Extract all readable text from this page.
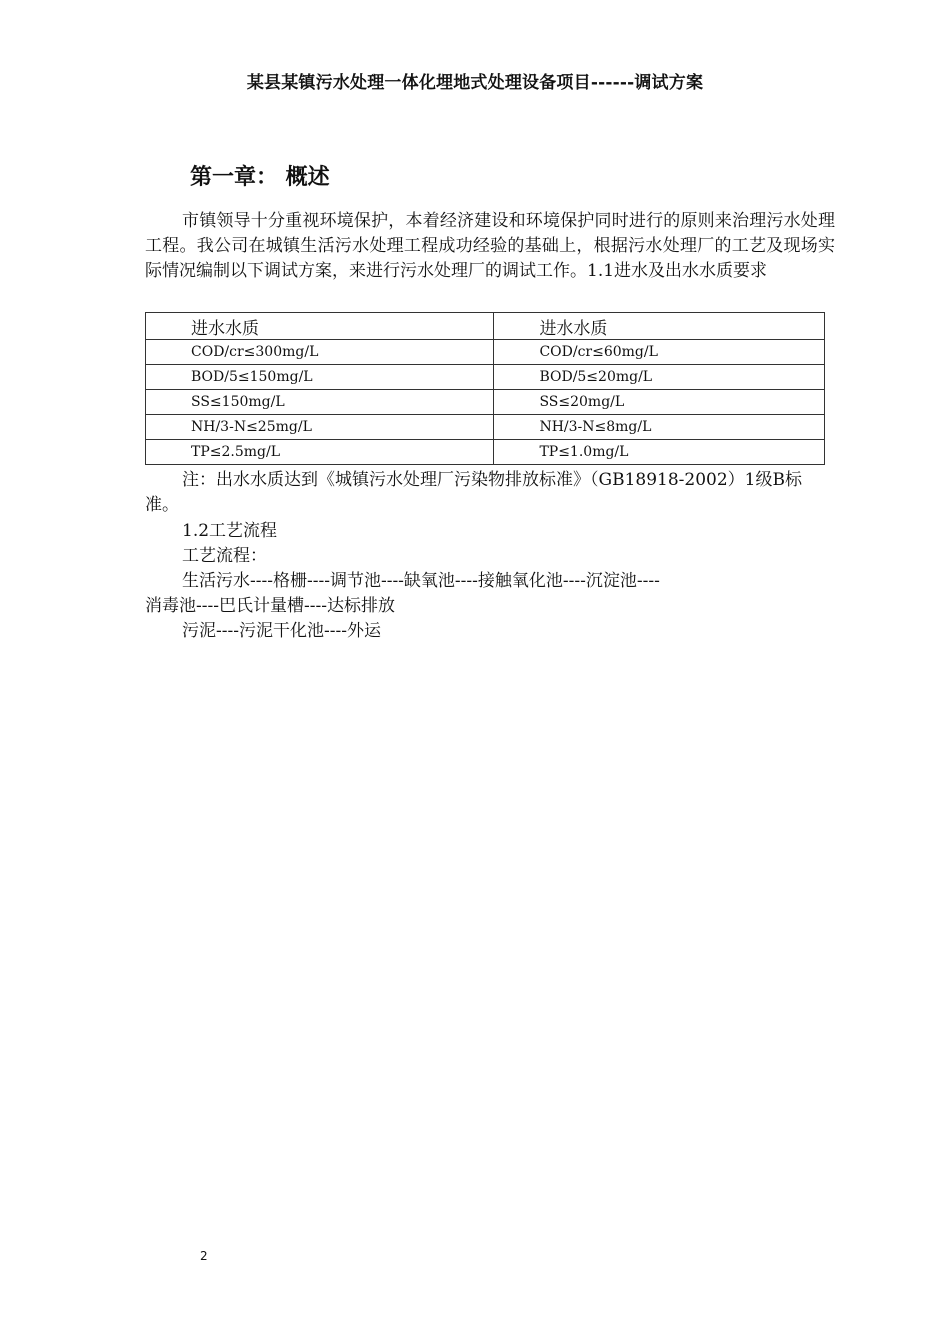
某县某镇污水处理一体化埋地式处理设备项目------调试方案
第一章： 概述
市镇领导十分重视环境保护，本着经济建设和环境保护同时进行的原则来治理污水处理工程。我公司在城镇生活污水处理工程成功经验的基础上，根据污水处理厂的工艺及现场实际情况编制以下调试方案，来进行污水处理厂的调试工作。1.1进水及出水水质要求
进水水质	进水水质
COD/cr≤300mg/L	COD/cr≤60mg/L
BOD/5≤150mg/L	BOD/5≤20mg/L
SS≤150mg/L	SS≤20mg/L
NH/3-N≤25mg/L	NH/3-N≤8mg/L
TP≤2.5mg/L	TP≤1.0mg/L
注：出水水质达到《城镇污水处理厂污染物排放标准》（GB18918-2002）1级B标准。
1.2工艺流程
工艺流程：
生活污水----格栅----调节池----缺氧池----接触氧化池----沉淀池----
消毒池----巴氏计量槽----达标排放
污泥----污泥干化池----外运
2
